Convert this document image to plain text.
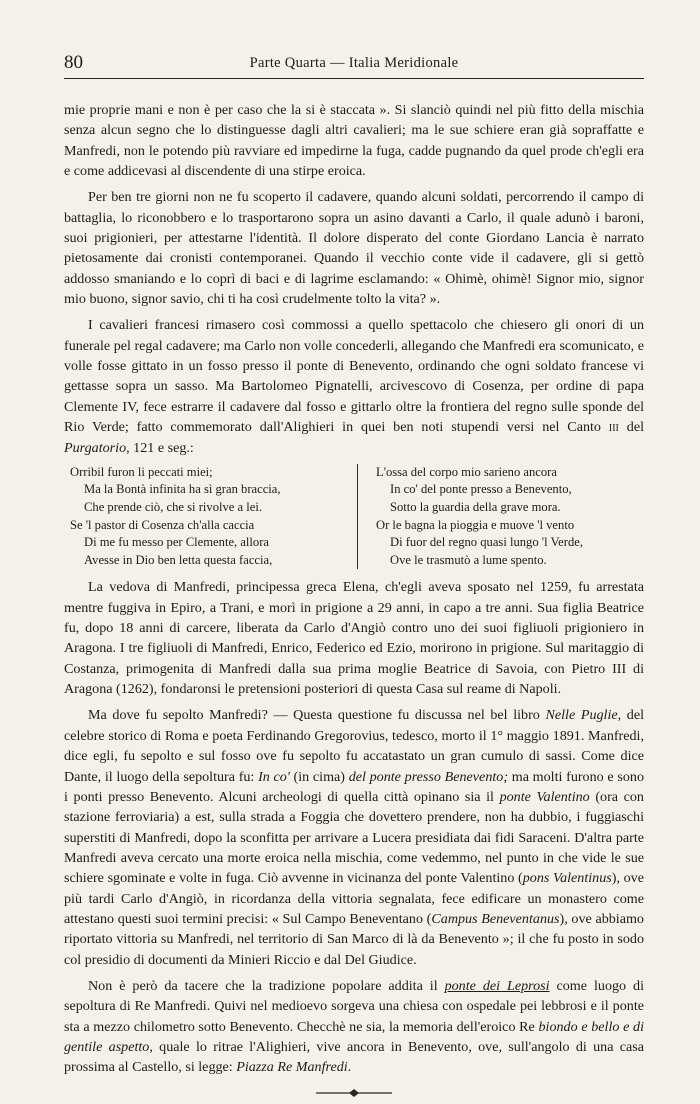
80	Parte Quarta — Italia Meridionale

mie proprie mani e non è per caso che la si è staccata ». Si slanciò quindi nel più fitto della mischia senza alcun segno che lo distinguesse dagli altri cavalieri; ma le sue schiere eran già sopraffatte e Manfredi, non le potendo più ravviare ed impedirne la fuga, cadde pugnando da quel prode ch'egli era e come addicevasi al discendente di una stirpe eroica.

Per ben tre giorni non ne fu scoperto il cadavere, quando alcuni soldati, percorrendo il campo di battaglia, lo riconobbero e lo trasportarono sopra un asino davanti a Carlo, il quale adunò i baroni, suoi prigionieri, per attestarne l'identità. Il dolore disperato del conte Giordano Lancia è narrato pietosamente dai cronisti contemporanei. Quando il vecchio conte vide il cadavere, gli si gettò addosso smaniando e lo coprì di baci e di lagrime esclamando: « Ohimè, ohimè! Signor mio, signor mio buono, signor savio, chi ti ha così crudelmente tolto la vita? ».

I cavalieri francesi rimasero così commossi a quello spettacolo che chiesero gli onori di un funerale pel regal cadavere; ma Carlo non volle concederli, allegando che Manfredi era scomunicato, e volle fosse gittato in un fosso presso il ponte di Benevento, ordinando che ogni soldato francese vi gettasse sopra un sasso. Ma Bartolomeo Pignatelli, arcivescovo di Cosenza, per ordine di papa Clemente IV, fece estrarre il cadavere dal fosso e gittarlo oltre la frontiera del regno sulle sponde del Rio Verde; fatto commemorato dall'Alighieri in quei ben noti stupendi versi nel Canto iii del Purgatorio, 121 e seg.:

Orribil furon li peccati miei;
Ma la Bontà infinita ha sì gran braccia,
Che prende ciò, che si rivolve a lei.
Se 'l pastor di Cosenza ch'alla caccia
Di me fu messo per Clemente, allora
Avesse in Dio ben letta questa faccia,
L'ossa del corpo mio sarieno ancora
In co' del ponte presso a Benevento,
Sotto la guardia della grave mora.
Or le bagna la pioggia e muove 'l vento
Di fuor del regno quasi lungo 'l Verde,
Ove le trasmutò a lume spento.

La vedova di Manfredi, principessa greca Elena, ch'egli aveva sposato nel 1259, fu arrestata mentre fuggiva in Epiro, a Trani, e morì in prigione a 29 anni, in capo a tre anni. Sua figlia Beatrice fu, dopo 18 anni di carcere, liberata da Carlo d'Angiò contro uno dei suoi figliuoli prigioniero in Aragona. I tre figliuoli di Manfredi, Enrico, Federico ed Ezio, morirono in prigione. Sul maritaggio di Costanza, primogenita di Manfredi dalla sua prima moglie Beatrice di Savoia, con Pietro III di Aragona (1262), fondaronsi le pretensioni posteriori di questa Casa sul reame di Napoli.

Ma dove fu sepolto Manfredi? — Questa questione fu discussa nel bel libro Nelle Puglie, del celebre storico di Roma e poeta Ferdinando Gregorovius, tedesco, morto il 1° maggio 1891. Manfredi, dice egli, fu sepolto e sul fosso ove fu sepolto fu accatastato un gran cumulo di sassi. Come dice Dante, il luogo della sepoltura fu: In co' (in cima) del ponte presso Benevento; ma molti furono e sono i ponti presso Benevento. Alcuni archeologi di quella città opinano sia il ponte Valentino (ora con stazione ferroviaria) a est, sulla strada a Foggia che dovettero prendere, non ha dubbio, i fuggiaschi superstiti di Manfredi, dopo la sconfitta per arrivare a Lucera presidiata dai fidi Saraceni. D'altra parte Manfredi aveva cercato una morte eroica nella mischia, come vedemmo, nel punto in che vide le sue schiere sgominate e volte in fuga. Ciò avvenne in vicinanza del ponte Valentino (pons Valentinus), ove più tardi Carlo d'Angiò, in ricordanza della vittoria segnalata, fece edificare un monastero come attestano questi suoi termini precisi: « Sul Campo Beneventano (Campus Beneventanus), ove abbiamo riportato vittoria su Manfredi, nel territorio di San Marco di là da Benevento »; il che fu posto in sodo col presidio di documenti da Minieri Riccio e dal Del Giudice.

Non è però da tacere che la tradizione popolare addita il ponte dei Leprosi come luogo di sepoltura di Re Manfredi. Quivi nel medioevo sorgeva una chiesa con ospedale pei lebbrosi e il ponte sta a mezzo chilometro sotto Benevento. Checchè ne sia, la memoria dell'eroico Re biondo e bello e di gentile aspetto, quale lo ritrae l'Alighieri, vive ancora in Benevento, ove, sull'angolo di una casa prossima al Castello, si legge: Piazza Re Manfredi.
